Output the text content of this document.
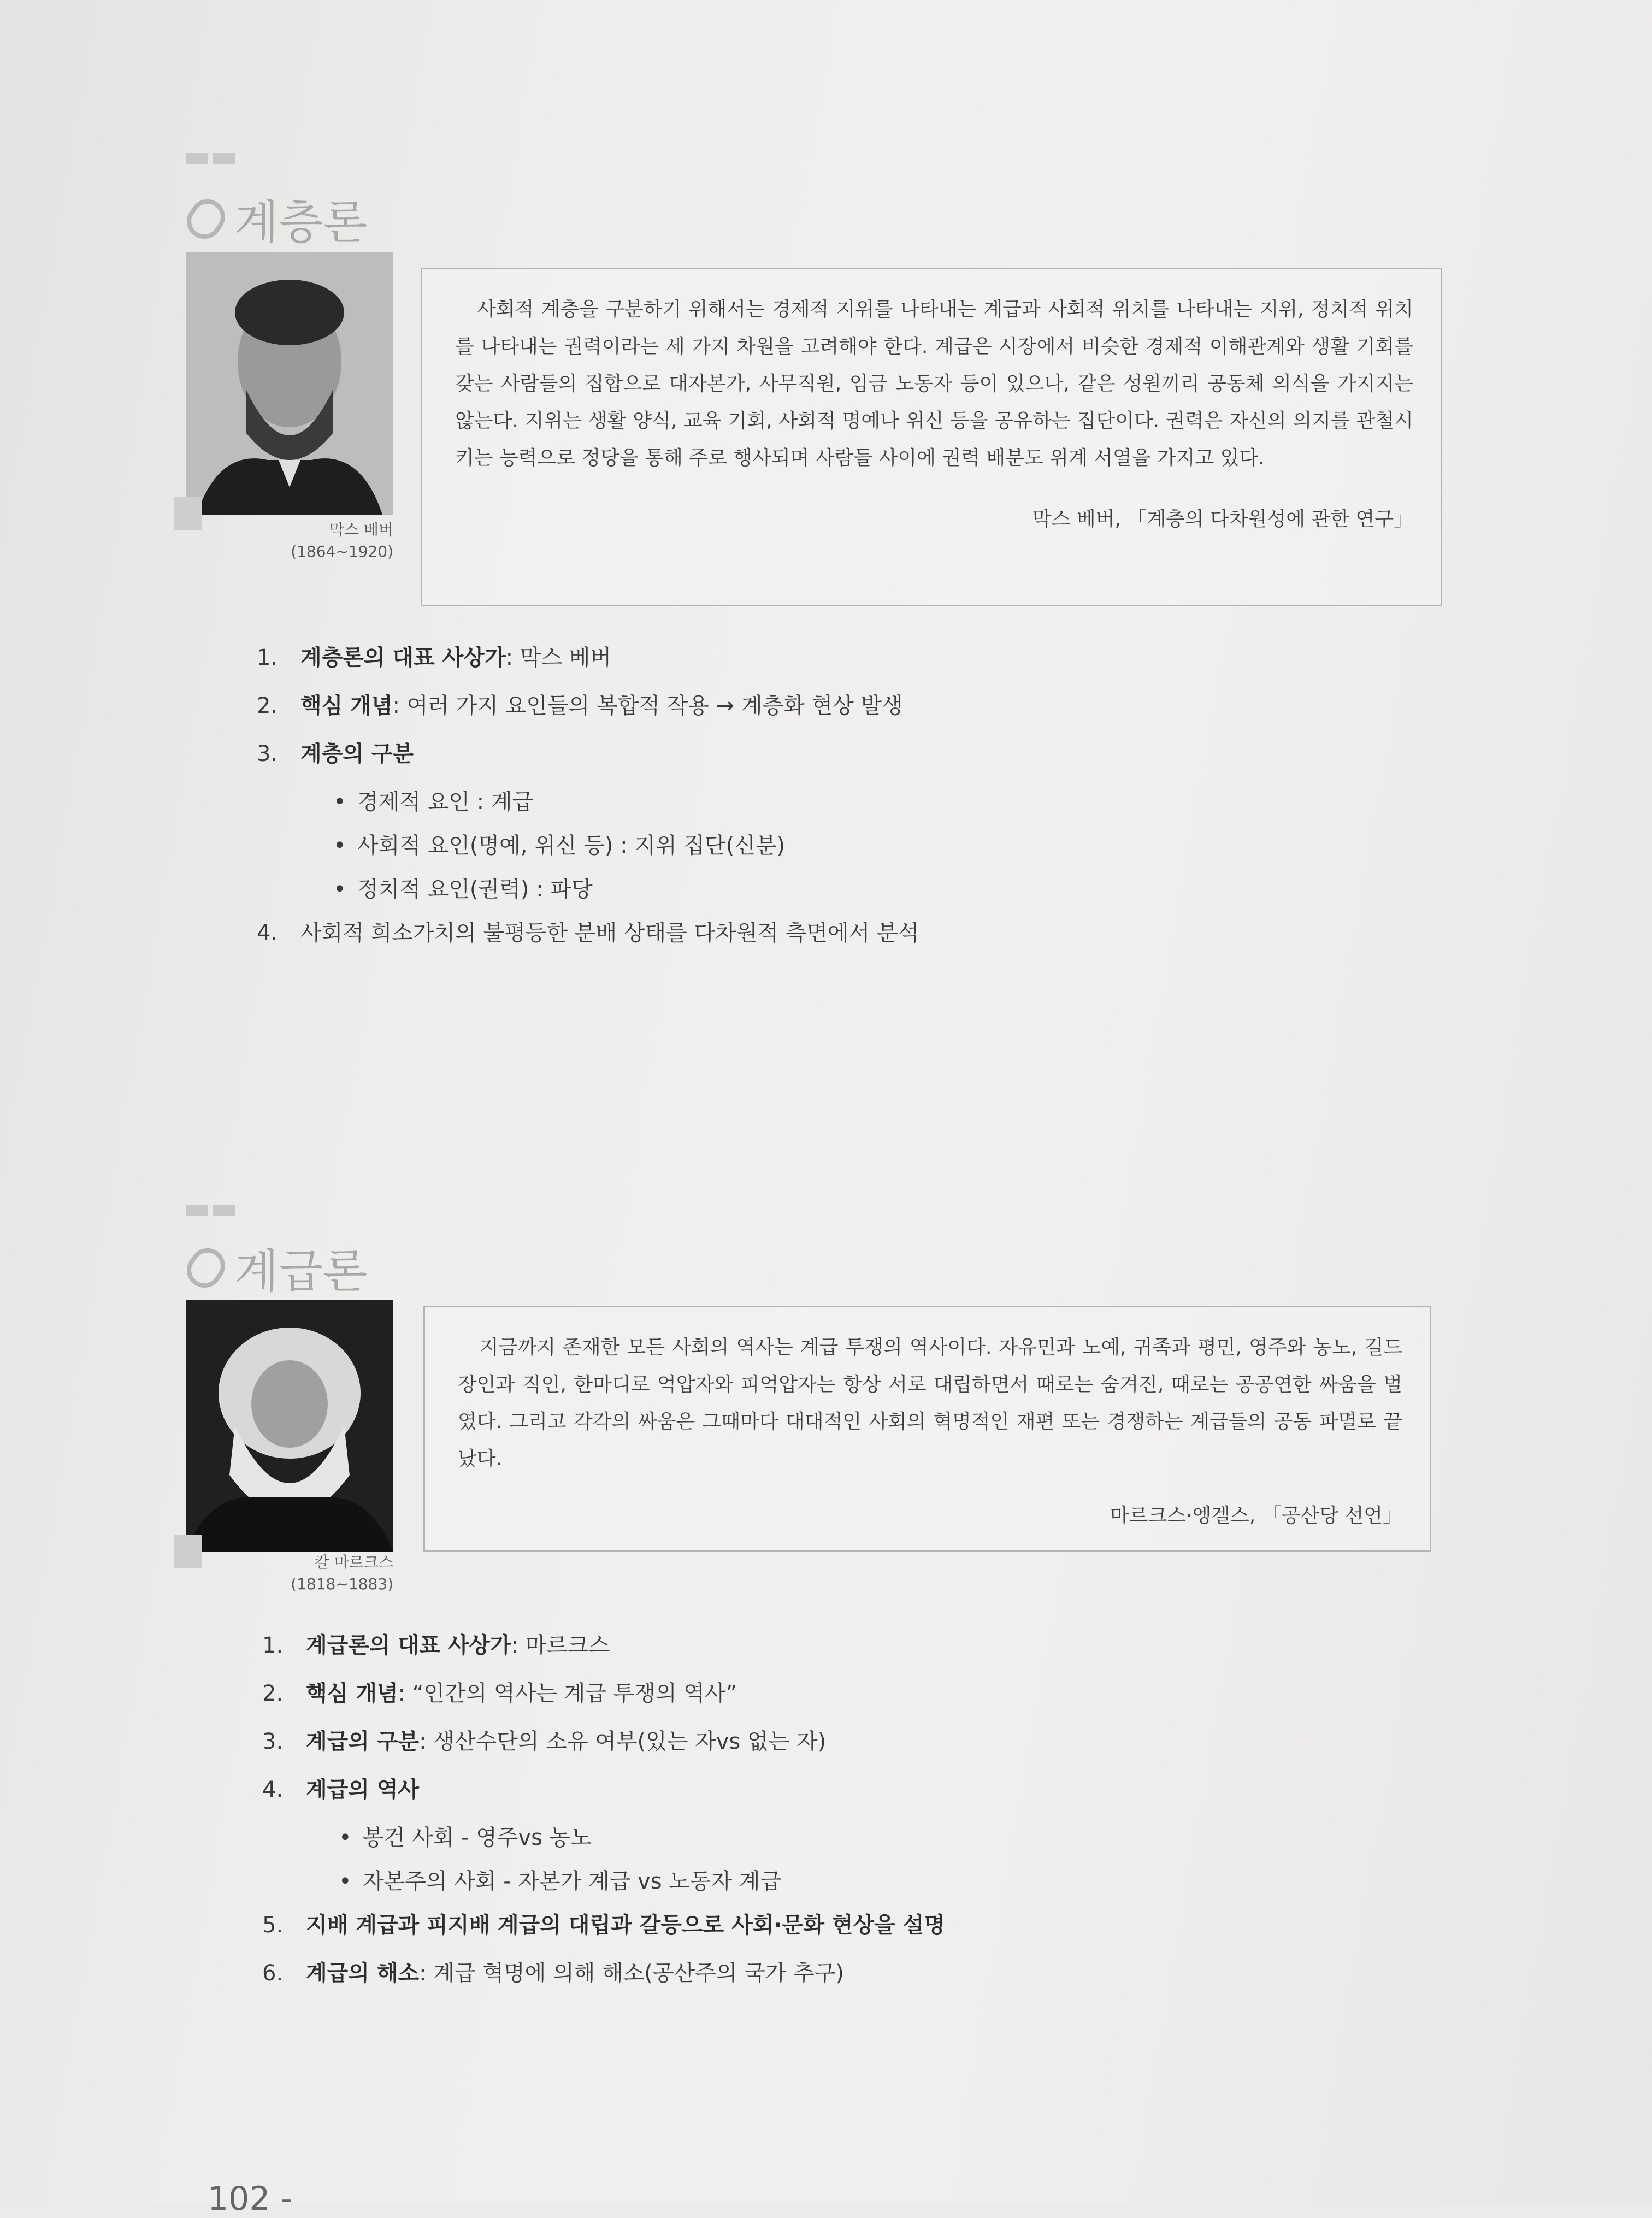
계층론
막스 베버
(1864~1920)

사회적 계층을 구분하기 위해서는 경제적 지위를 나타내는 계급과 사회적 위치를 나타내는 지위, 정치적 위치를 나타내는 권력이라는 세 가지 차원을 고려해야 한다. 계급은 시장에서 비슷한 경제적 이해관계와 생활 기회를 갖는 사람들의 집합으로 대자본가, 사무직원, 임금 노동자 등이 있으나, 같은 성원끼리 공동체 의식을 가지지는 않는다. 지위는 생활 양식, 교육 기회, 사회적 명예나 위신 등을 공유하는 집단이다. 권력은 자신의 의지를 관철시키는 능력으로 정당을 통해 주로 행사되며 사람들 사이에 권력 배분도 위계 서열을 가지고 있다.

막스 베버, 「계층의 다차원성에 관한 연구」
1.	계층론의 대표 사상가 : 막스 베버
2.	핵심 개념 : 여러 가지 요인들의 복합적 작용 → 계층화 현상 발생
3.	계층의 구분
• 경제적 요인 : 계급
• 사회적 요인(명예, 위신 등) : 지위 집단(신분)
• 정치적 요인(권력) : 파당
4.	사회적 희소가치의 불평등한 분배 상태를 다차원적 측면에서 분석
계급론
칼 마르크스
(1818~1883)

지금까지 존재한 모든 사회의 역사는 계급 투쟁의 역사이다. 자유민과 노예, 귀족과 평민, 영주와 농노, 길드 장인과 직인, 한마디로 억압자와 피억압자는 항상 서로 대립하면서 때로는 숨겨진, 때로는 공공연한 싸움을 벌였다. 그리고 각각의 싸움은 그때마다 대대적인 사회의 혁명적인 재편 또는 경쟁하는 계급들의 공동 파멸로 끝났다.

마르크스·엥겔스, 「공산당 선언」
1.	계급론의 대표 사상가 : 마르크스
2.	핵심 개념 : “인간의 역사는 계급 투쟁의 역사”
3.	계급의 구분 : 생산수단의 소유 여부(있는 자vs 없는 자)
4.	계급의 역사
• 봉건 사회 - 영주vs 농노
• 자본주의 사회 - 자본가 계급 vs 노동자 계급
5.	지배 계급과 피지배 계급의 대립과 갈등으로 사회·문화 현상을 설명
6.	계급의 해소 : 계급 혁명에 의해 해소(공산주의 국가 추구)
102 -
